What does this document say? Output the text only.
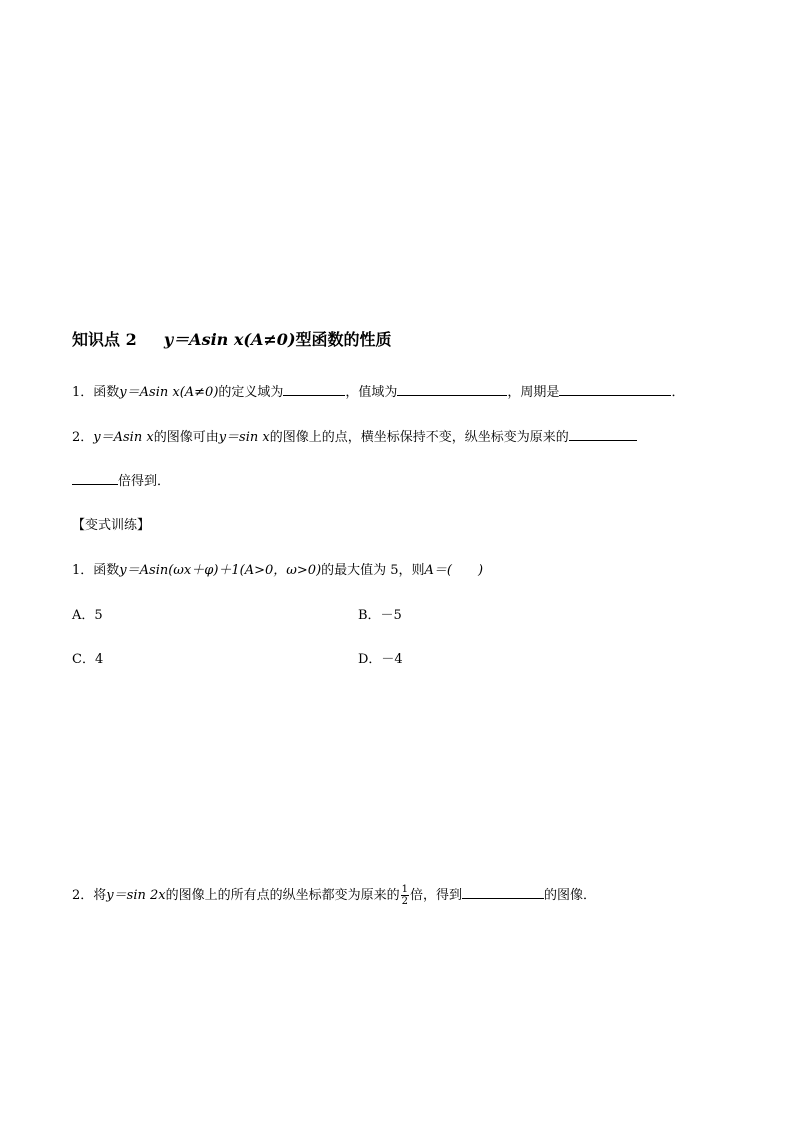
知识点 2 y＝Asin x(A≠0)型函数的性质
1．函数y＝Asin x(A≠0)的定义域为	，值域为	，周期是	．
2．y＝Asin x的图像可由y＝sin x的图像上的点，横坐标保持不变，纵坐标变为原来的
倍得到．
【变式训练】
1．函数y＝Asin(ωx＋φ)＋1(A>0，ω>0)的最大值为 5，则A＝(　　)
A．5	B．－5
C．4	D．－4
2．将y＝sin 2x的图像上的所有点的纵坐标都变为原来的 $\frac{1}{2}$ 倍，得到	的图像．
